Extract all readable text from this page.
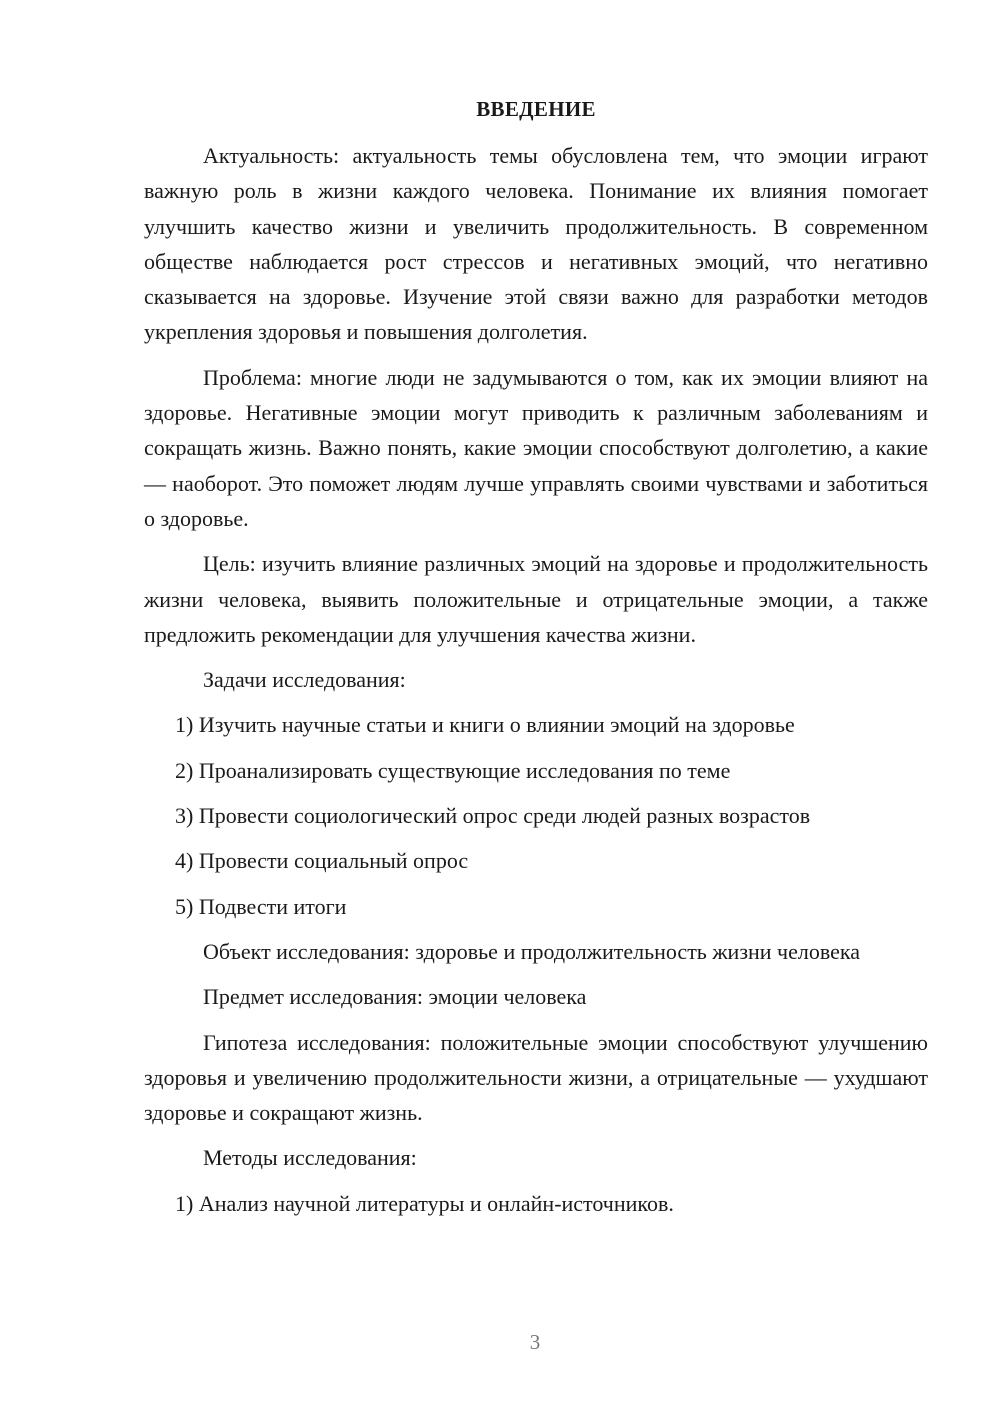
ВВЕДЕНИЕ

Актуальность: актуальность темы обусловлена тем, что эмоции играют важную роль в жизни каждого человека. Понимание их влияния помогает улучшить качество жизни и увеличить продолжительность. В современном обществе наблюдается рост стрессов и негативных эмоций, что негативно сказывается на здоровье. Изучение этой связи важно для разработки методов укрепления здоровья и повышения долголетия.

Проблема: многие люди не задумываются о том, как их эмоции влияют на здоровье. Негативные эмоции могут приводить к различным заболеваниям и сокращать жизнь. Важно понять, какие эмоции способствуют долголетию, а какие — наоборот. Это поможет людям лучше управлять своими чувствами и заботиться о здоровье.

Цель: изучить влияние различных эмоций на здоровье и продолжительность жизни человека, выявить положительные и отрицательные эмоции, а также предложить рекомендации для улучшения качества жизни.

Задачи исследования:

1) Изучить научные статьи и книги о влиянии эмоций на здоровье

2) Проанализировать существующие исследования по теме

3) Провести социологический опрос среди людей разных возрастов

4) Провести социальный опрос

5) Подвести итоги

Объект исследования: здоровье и продолжительность жизни человека

Предмет исследования: эмоции человека

Гипотеза исследования: положительные эмоции способствуют улучшению здоровья и увеличению продолжительности жизни, а отрицательные — ухудшают здоровье и сокращают жизнь.

Методы исследования:

1) Анализ научной литературы и онлайн-источников.

3
